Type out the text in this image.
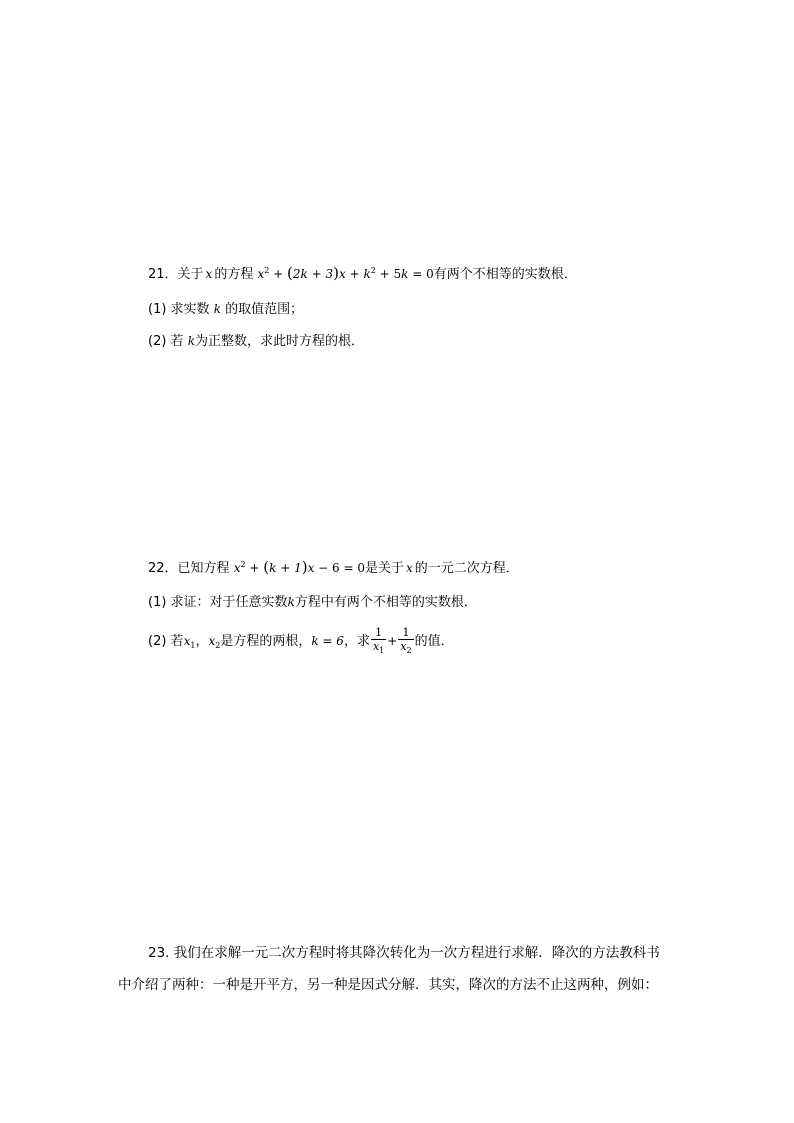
21．关于 x 的方程 $x^2 + (2k + 3)x + k^2 + 5k = 0$有两个不相等的实数根．
(1) 求实数 k 的取值范围；
(2) 若 k为正整数，求此时方程的根．
22．已知方程 $x^2 + (k + 1)x - 6 = 0$是关于 x 的一元二次方程．
(1) 求证：对于任意实数k方程中有两个不相等的实数根．
(2) 若$x_1$，$x_2$是方程的两根，k = 6，求 $\frac{1}{x_1} + \frac{1}{x_2}$ 的值．
23. 我们在求解一元二次方程时将其降次转化为一次方程进行求解．降次的方法教科书
中介绍了两种：一种是开平方，另一种是因式分解．其实，降次的方法不止这两种，例如：
